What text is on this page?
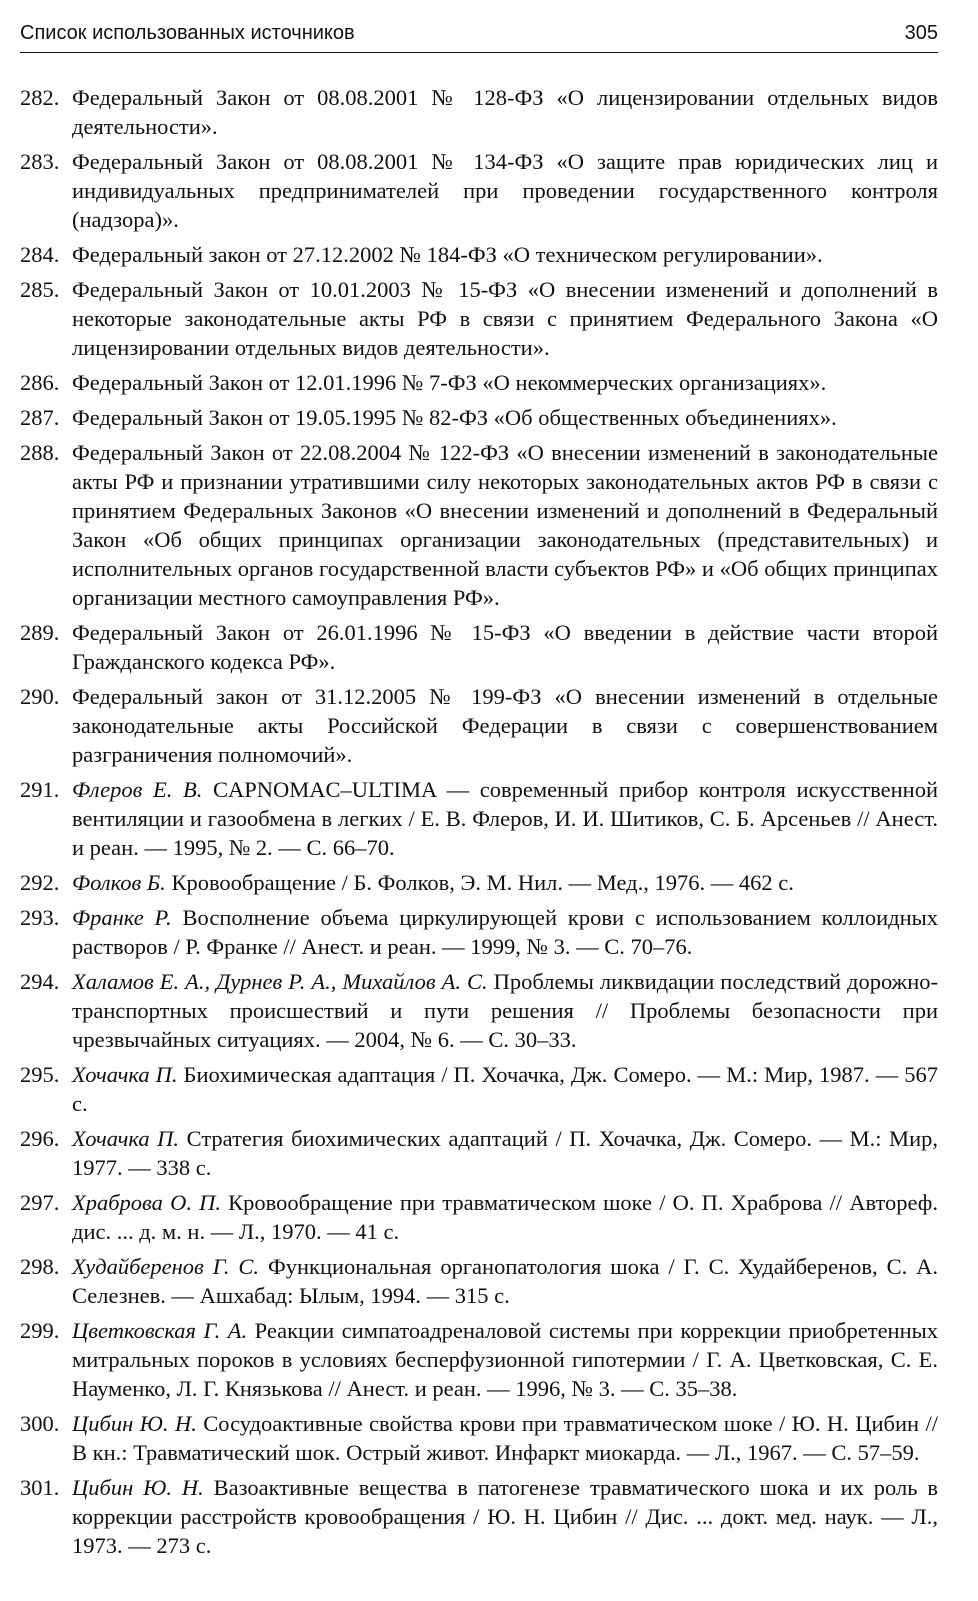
Список использованных источников	305
282. Федеральный Закон от 08.08.2001 № 128-ФЗ «О лицензировании отдельных видов деятельности».
283. Федеральный Закон от 08.08.2001 № 134-ФЗ «О защите прав юридических лиц и индивидуальных предпринимателей при проведении государственного контроля (надзора)».
284. Федеральный закон от 27.12.2002 № 184-ФЗ «О техническом регулировании».
285. Федеральный Закон от 10.01.2003 № 15-ФЗ «О внесении изменений и дополнений в некоторые законодательные акты РФ в связи с принятием Федерального Закона «О лицензировании отдельных видов деятельности».
286. Федеральный Закон от 12.01.1996 № 7-ФЗ «О некоммерческих организациях».
287. Федеральный Закон от 19.05.1995 № 82-ФЗ «Об общественных объединениях».
288. Федеральный Закон от 22.08.2004 № 122-ФЗ «О внесении изменений в законодательные акты РФ и признании утратившими силу некоторых законодательных актов РФ в связи с принятием Федеральных Законов «О внесении изменений и дополнений в Федеральный Закон «Об общих принципах организации законодательных (представительных) и исполнительных органов государственной власти субъектов РФ» и «Об общих принципах организации местного самоуправления РФ».
289. Федеральный Закон от 26.01.1996 № 15-ФЗ «О введении в действие части второй Гражданского кодекса РФ».
290. Федеральный закон от 31.12.2005 № 199-ФЗ «О внесении изменений в отдельные законодательные акты Российской Федерации в связи с совершенствованием разграничения полномочий».
291. Флеров Е. В. CAPNOMAC–ULTIMA — современный прибор контроля искусственной вентиляции и газообмена в легких / Е. В. Флеров, И. И. Шитиков, С. Б. Арсеньев // Анест. и реан. — 1995, № 2. — С. 66–70.
292. Фолков Б. Кровообращение / Б. Фолков, Э. М. Нил. — Мед., 1976. — 462 с.
293. Франке Р. Восполнение объема циркулирующей крови с использованием коллоидных растворов / Р. Франке // Анест. и реан. — 1999, № 3. — С. 70–76.
294. Халамов Е. А., Дурнев Р. А., Михайлов А. С. Проблемы ликвидации последствий дорожно-транспортных происшествий и пути решения // Проблемы безопасности при чрезвычайных ситуациях. — 2004, № 6. — С. 30–33.
295. Хочачка П. Биохимическая адаптация / П. Хочачка, Дж. Сомеро. — М.: Мир, 1987. — 567 с.
296. Хочачка П. Стратегия биохимических адаптаций / П. Хочачка, Дж. Сомеро. — М.: Мир, 1977. — 338 с.
297. Храброва О. П. Кровообращение при травматическом шоке / О. П. Храброва // Автореф. дис. ... д. м. н. — Л., 1970. — 41 с.
298. Худайберенов Г. С. Функциональная органопатология шока / Г. С. Худайберенов, С. А. Селезнев. — Ашхабад: Ылым, 1994. — 315 с.
299. Цветковская Г. А. Реакции симпатоадреналовой системы при коррекции приобретенных митральных пороков в условиях бесперфузионной гипотермии / Г. А. Цветковская, С. Е. Науменко, Л. Г. Князькова // Анест. и реан. — 1996, № 3. — С. 35–38.
300. Цибин Ю. Н. Сосудоактивные свойства крови при травматическом шоке / Ю. Н. Цибин // В кн.: Травматический шок. Острый живот. Инфаркт миокарда. — Л., 1967. — С. 57–59.
301. Цибин Ю. Н. Вазоактивные вещества в патогенезе травматического шока и их роль в коррекции расстройств кровообращения / Ю. Н. Цибин // Дис. ... докт. мед. наук. — Л., 1973. — 273 с.
